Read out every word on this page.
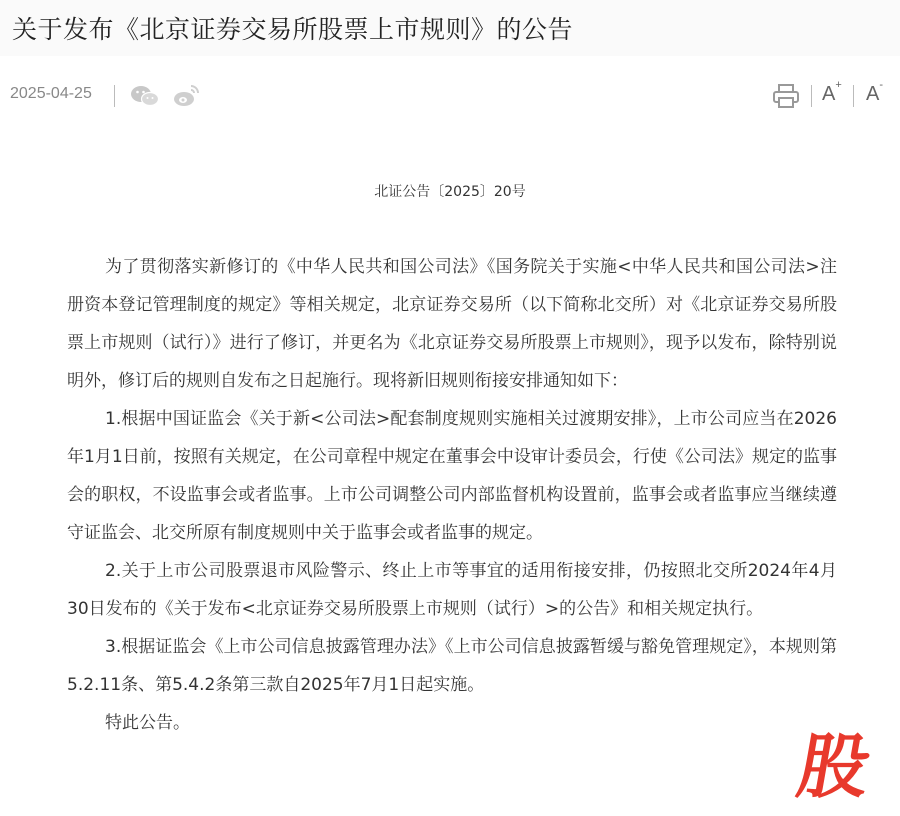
关于发布《北京证券交易所股票上市规则》的公告
2025-04-25	A+ A-
北证公告〔2025〕20号

为了贯彻落实新修订的《中华人民共和国公司法》《国务院关于实施<中华人民共和国公司法>注册资本登记管理制度的规定》等相关规定，北京证券交易所（以下简称北交所）对《北京证券交易所股票上市规则（试行）》进行了修订，并更名为《北京证券交易所股票上市规则》，现予以发布，除特别说明外，修订后的规则自发布之日起施行。现将新旧规则衔接安排通知如下：

1.根据中国证监会《关于新<公司法>配套制度规则实施相关过渡期安排》，上市公司应当在2026年1月1日前，按照有关规定，在公司章程中规定在董事会中设审计委员会，行使《公司法》规定的监事会的职权，不设监事会或者监事。上市公司调整公司内部监督机构设置前，监事会或者监事应当继续遵守证监会、北交所原有制度规则中关于监事会或者监事的规定。

2.关于上市公司股票退市风险警示、终止上市等事宜的适用衔接安排，仍按照北交所2024年4月30日发布的《关于发布<北京证券交易所股票上市规则（试行）>的公告》和相关规定执行。

3.根据证监会《上市公司信息披露管理办法》《上市公司信息披露暂缓与豁免管理规定》，本规则第5.2.11条、第5.4.2条第三款自2025年7月1日起实施。

特此公告。

股
